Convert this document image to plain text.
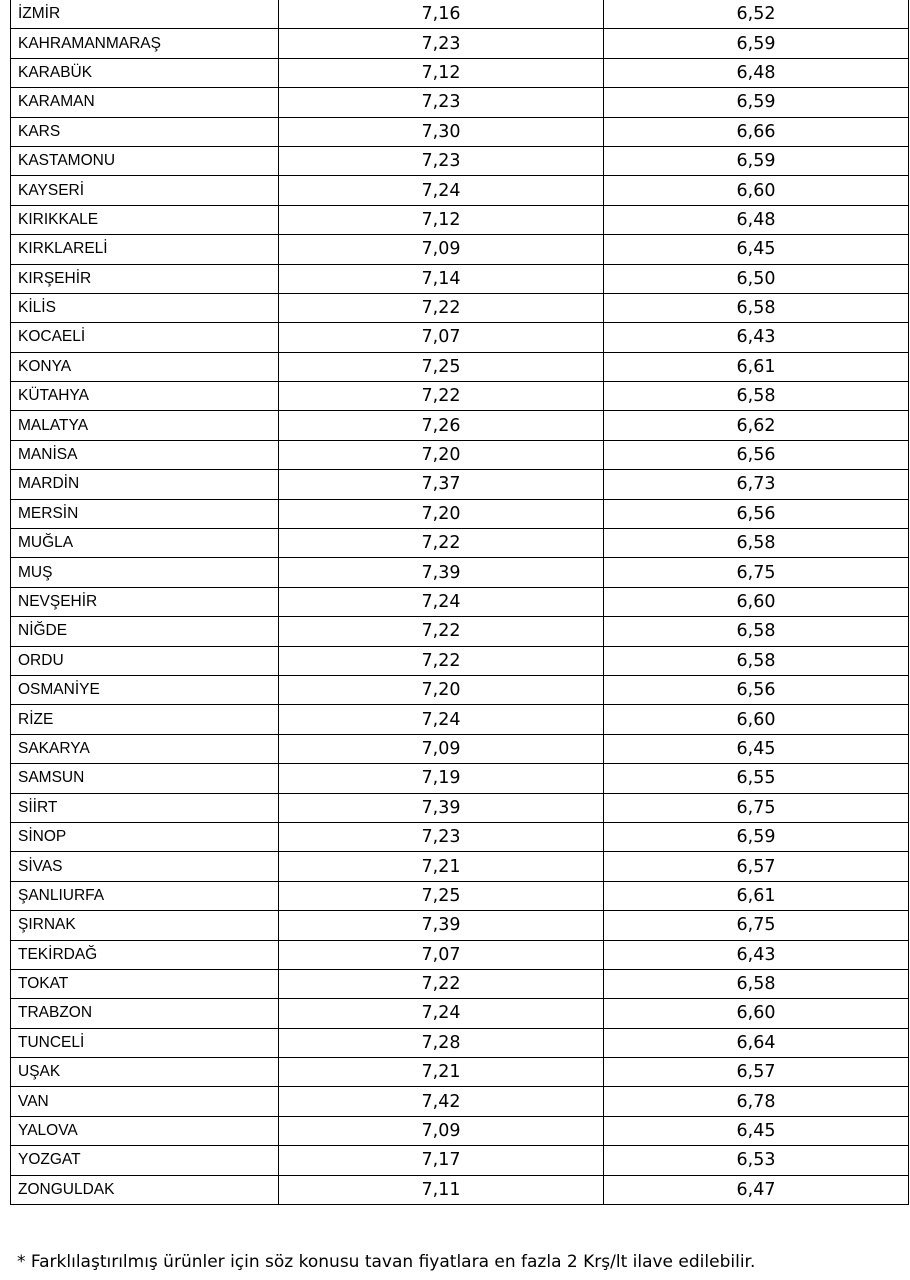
İZMİR	7,16	6,52
KAHRAMANMARAŞ	7,23	6,59
KARABÜK	7,12	6,48
KARAMAN	7,23	6,59
KARS	7,30	6,66
KASTAMONU	7,23	6,59
KAYSERİ	7,24	6,60
KIRIKKALE	7,12	6,48
KIRKLARELİ	7,09	6,45
KIRŞEHİR	7,14	6,50
KİLİS	7,22	6,58
KOCAELİ	7,07	6,43
KONYA	7,25	6,61
KÜTAHYA	7,22	6,58
MALATYA	7,26	6,62
MANİSA	7,20	6,56
MARDİN	7,37	6,73
MERSİN	7,20	6,56
MUĞLA	7,22	6,58
MUŞ	7,39	6,75
NEVŞEHİR	7,24	6,60
NİĞDE	7,22	6,58
ORDU	7,22	6,58
OSMANİYE	7,20	6,56
RİZE	7,24	6,60
SAKARYA	7,09	6,45
SAMSUN	7,19	6,55
SİİRT	7,39	6,75
SİNOP	7,23	6,59
SİVAS	7,21	6,57
ŞANLIURFA	7,25	6,61
ŞIRNAK	7,39	6,75
TEKİRDAĞ	7,07	6,43
TOKAT	7,22	6,58
TRABZON	7,24	6,60
TUNCELİ	7,28	6,64
UŞAK	7,21	6,57
VAN	7,42	6,78
YALOVA	7,09	6,45
YOZGAT	7,17	6,53
ZONGULDAK	7,11	6,47
* Farklılaştırılmış ürünler için söz konusu tavan fiyatlara en fazla 2 Krş/lt ilave edilebilir.
